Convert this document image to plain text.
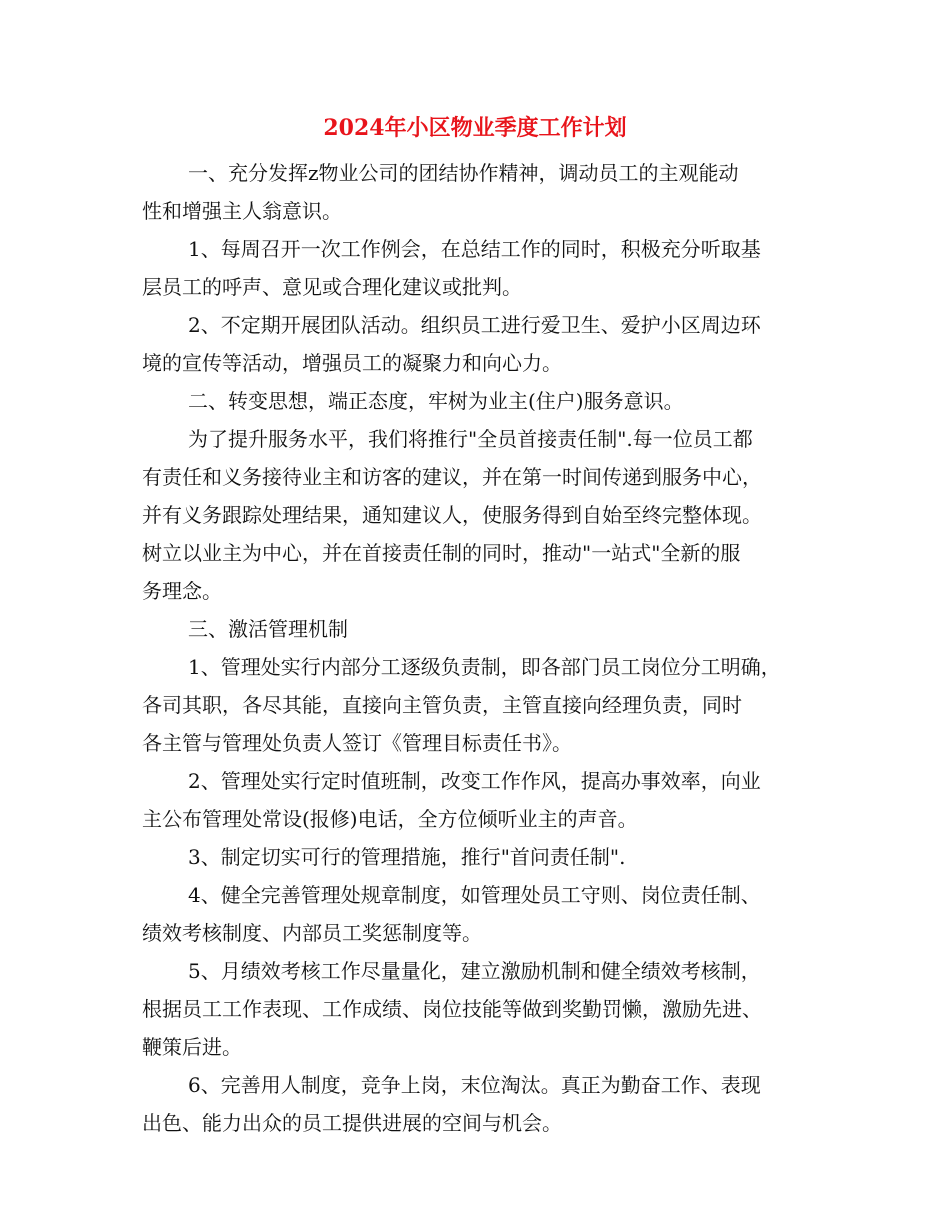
2024年小区物业季度工作计划
一、充分发挥z物业公司的团结协作精神，调动员工的主观能动
性和增强主人翁意识。
1、每周召开一次工作例会，在总结工作的同时，积极充分听取基
层员工的呼声、意见或合理化建议或批判。
2、不定期开展团队活动。组织员工进行爱卫生、爱护小区周边环
境的宣传等活动，增强员工的凝聚力和向心力。
二、转变思想，端正态度，牢树为业主(住户)服务意识。
为了提升服务水平，我们将推行"全员首接责任制".每一位员工都
有责任和义务接待业主和访客的建议，并在第一时间传递到服务中心，
并有义务跟踪处理结果，通知建议人，使服务得到自始至终完整体现。
树立以业主为中心，并在首接责任制的同时，推动"一站式"全新的服
务理念。
三、激活管理机制
1、管理处实行内部分工逐级负责制，即各部门员工岗位分工明确，
各司其职，各尽其能，直接向主管负责，主管直接向经理负责，同时
各主管与管理处负责人签订《管理目标责任书》。
2、管理处实行定时值班制，改变工作作风，提高办事效率，向业
主公布管理处常设(报修)电话，全方位倾听业主的声音。
3、制定切实可行的管理措施，推行"首问责任制".
4、健全完善管理处规章制度，如管理处员工守则、岗位责任制、
绩效考核制度、内部员工奖惩制度等。
5、月绩效考核工作尽量量化，建立激励机制和健全绩效考核制，
根据员工工作表现、工作成绩、岗位技能等做到奖勤罚懒，激励先进、
鞭策后进。
6、完善用人制度，竞争上岗，末位淘汰。真正为勤奋工作、表现
出色、能力出众的员工提供进展的空间与机会。
